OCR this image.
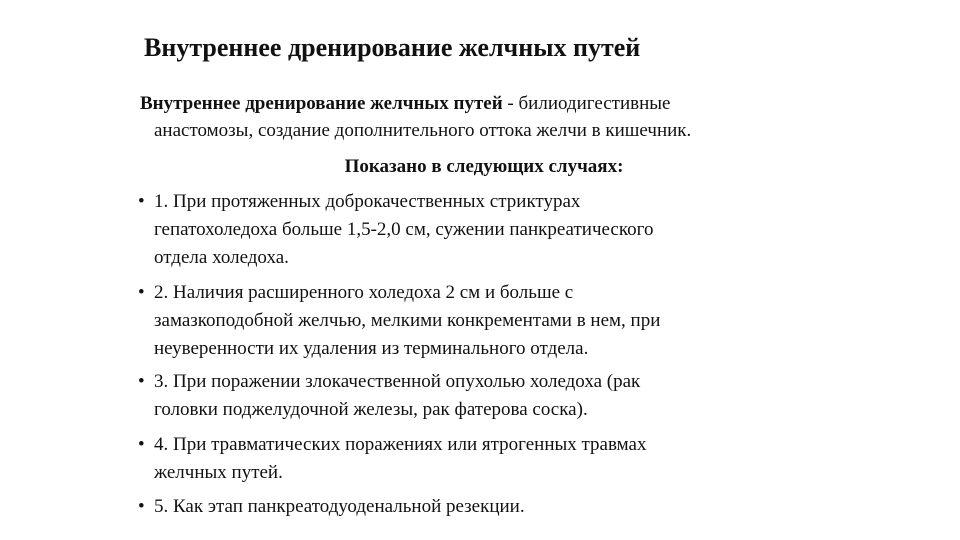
Внутреннее дренирование желчных путей
Внутреннее дренирование желчных путей - билиодигестивные
анастомозы, создание дополнительного оттока желчи в кишечник.
Показано в следующих случаях:
• 1. При протяженных доброкачественных стриктурах
гепатохоледоха больше 1,5-2,0 см, сужении панкреатического
отдела холедоха.
• 2. Наличия расширенного холедоха 2 см и больше с
замазкоподобной желчью, мелкими конкрементами в нем, при
неуверенности их удаления из терминального отдела.
• 3. При поражении злокачественной опухолью холедоха (рак
головки поджелудочной железы, рак фатерова соска).
• 4. При травматических поражениях или ятрогенных травмах
желчных путей.
• 5. Как этап панкреатодуоденальной резекции.
